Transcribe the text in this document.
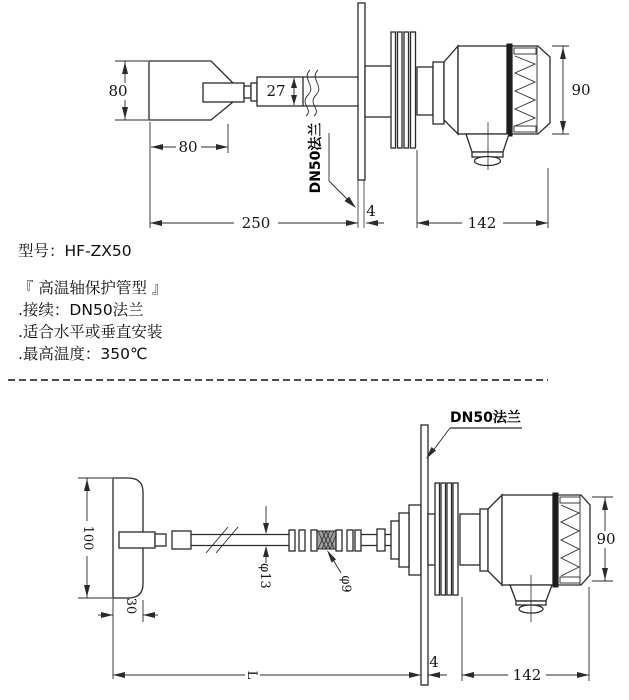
80
80
27
250
4
142
90
DN50法兰
100
30
φ13	φ9
L
4
142
90
DN50法兰
型号：HF-ZX50
『 高温轴保护管型 』
.接续：DN50法兰
.适合水平或垂直安装
.最高温度：350℃
